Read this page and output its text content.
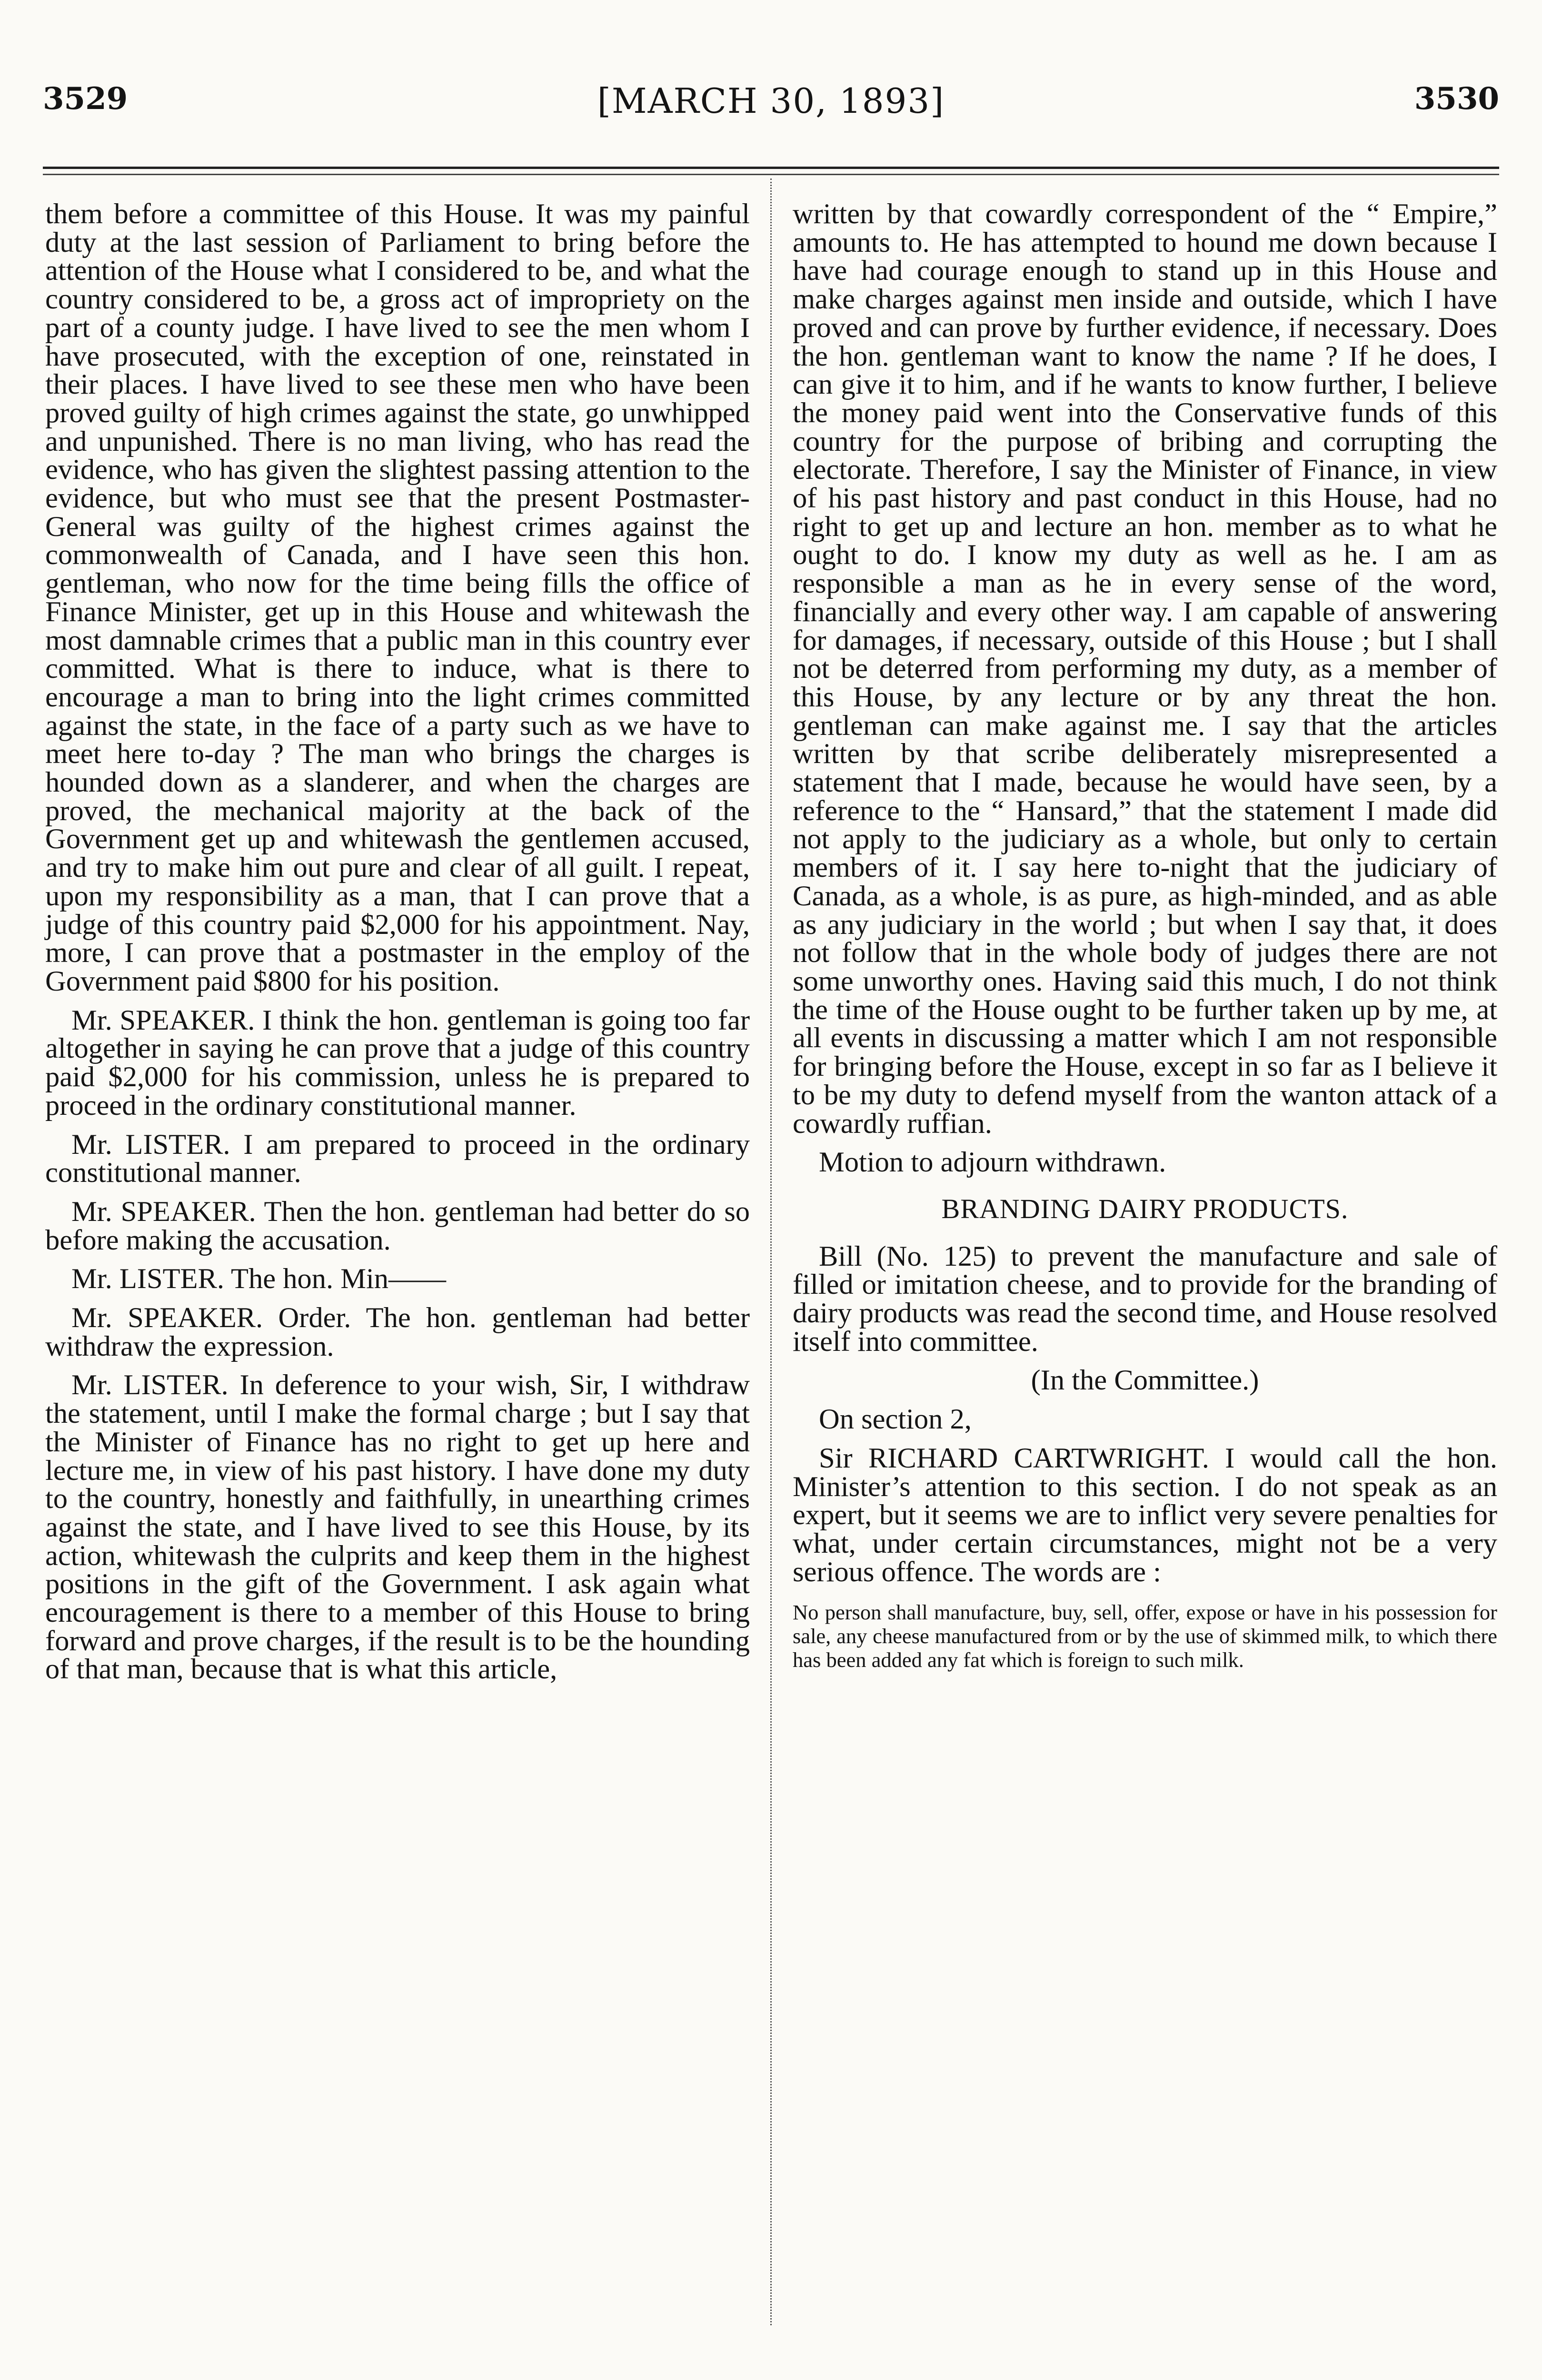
3529	[MARCH 30, 1893]	3530

them before a committee of this House. It was my painful duty at the last session of Parliament to bring before the attention of the House what I considered to be, and what the country considered to be, a gross act of impropriety on the part of a county judge. I have lived to see the men whom I have prosecuted, with the exception of one, reinstated in their places. I have lived to see these men who have been proved guilty of high crimes against the state, go unwhipped and unpunished. There is no man living, who has read the evidence, who has given the slightest passing attention to the evidence, but who must see that the present Postmaster-General was guilty of the highest crimes against the commonwealth of Canada, and I have seen this hon. gentleman, who now for the time being fills the office of Finance Minister, get up in this House and whitewash the most damnable crimes that a public man in this country ever committed. What is there to induce, what is there to encourage a man to bring into the light crimes committed against the state, in the face of a party such as we have to meet here to-day ? The man who brings the charges is hounded down as a slanderer, and when the charges are proved, the mechanical majority at the back of the Government get up and whitewash the gentlemen accused, and try to make him out pure and clear of all guilt. I repeat, upon my responsibility as a man, that I can prove that a judge of this country paid $2,000 for his appointment. Nay, more, I can prove that a postmaster in the employ of the Government paid $800 for his position.

Mr. SPEAKER. I think the hon. gentleman is going too far altogether in saying he can prove that a judge of this country paid $2,000 for his commission, unless he is prepared to proceed in the ordinary constitutional manner.

Mr. LISTER. I am prepared to proceed in the ordinary constitutional manner.

Mr. SPEAKER. Then the hon. gentleman had better do so before making the accusation.

Mr. LISTER. The hon. Min——

Mr. SPEAKER. Order. The hon. gentleman had better withdraw the expression.

Mr. LISTER. In deference to your wish, Sir, I withdraw the statement, until I make the formal charge ; but I say that the Minister of Finance has no right to get up here and lecture me, in view of his past history. I have done my duty to the country, honestly and faithfully, in unearthing crimes against the state, and I have lived to see this House, by its action, whitewash the culprits and keep them in the highest positions in the gift of the Government. I ask again what encouragement is there to a member of this House to bring forward and prove charges, if the result is to be the hounding of that man, because that is what this article,

written by that cowardly correspondent of the “ Empire,” amounts to. He has attempted to hound me down because I have had courage enough to stand up in this House and make charges against men inside and outside, which I have proved and can prove by further evidence, if necessary. Does the hon. gentleman want to know the name ? If he does, I can give it to him, and if he wants to know further, I believe the money paid went into the Conservative funds of this country for the purpose of bribing and corrupting the electorate. Therefore, I say the Minister of Finance, in view of his past history and past conduct in this House, had no right to get up and lecture an hon. member as to what he ought to do. I know my duty as well as he. I am as responsible a man as he in every sense of the word, financially and every other way. I am capable of answering for damages, if necessary, outside of this House ; but I shall not be deterred from performing my duty, as a member of this House, by any lecture or by any threat the hon. gentleman can make against me. I say that the articles written by that scribe deliberately misrepresented a statement that I made, because he would have seen, by a reference to the “ Hansard,” that the statement I made did not apply to the judiciary as a whole, but only to certain members of it. I say here to-night that the judiciary of Canada, as a whole, is as pure, as high-minded, and as able as any judiciary in the world ; but when I say that, it does not follow that in the whole body of judges there are not some unworthy ones. Having said this much, I do not think the time of the House ought to be further taken up by me, at all events in discussing a matter which I am not responsible for bringing before the House, except in so far as I believe it to be my duty to defend myself from the wanton attack of a cowardly ruffian.

Motion to adjourn withdrawn.

BRANDING DAIRY PRODUCTS.

Bill (No. 125) to prevent the manufacture and sale of filled or imitation cheese, and to provide for the branding of dairy products was read the second time, and House resolved itself into committee.

(In the Committee.)

On section 2,

Sir RICHARD CARTWRIGHT. I would call the hon. Minister’s attention to this section. I do not speak as an expert, but it seems we are to inflict very severe penalties for what, under certain circumstances, might not be a very serious offence. The words are :

No person shall manufacture, buy, sell, offer, expose or have in his possession for sale, any cheese manufactured from or by the use of skimmed milk, to which there has been added any fat which is foreign to such milk.
